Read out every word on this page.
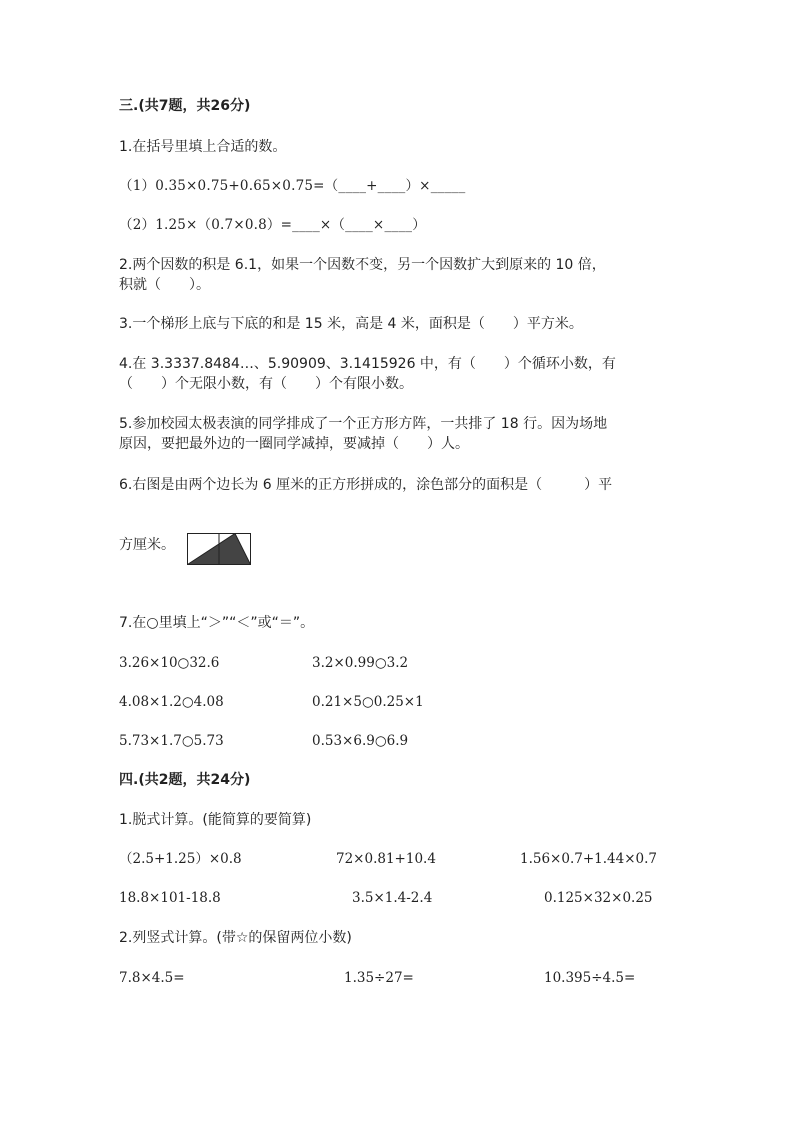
三.(共7题，共26分)
1.在括号里填上合适的数。
（1）0.35×0.75+0.65×0.75=（____+____）×_____
（2）1.25×（0.7×0.8）=____×（____×____）
2.两个因数的积是 6.1，如果一个因数不变，另一个因数扩大到原来的 10 倍，
积就（　　）。
3.一个梯形上底与下底的和是 15 米，高是 4 米，面积是（　　）平方米。
4.在 3.3337.8484…、5.90909、3.1415926 中，有（　　）个循环小数，有
（　　）个无限小数，有（　　）个有限小数。
5.参加校园太极表演的同学排成了一个正方形方阵，一共排了 18 行。因为场地
原因，要把最外边的一圈同学减掉，要减掉（　　）人。
6.右图是由两个边长为 6 厘米的正方形拼成的，涂色部分的面积是（　　　）平
方厘米。
7.在○里填上“＞”“＜”或“＝”。
3.26×10○32.6	3.2×0.99○3.2
4.08×1.2○4.08	0.21×5○0.25×1
5.73×1.7○5.73	0.53×6.9○6.9
四.(共2题，共24分)
1.脱式计算。(能简算的要简算)
（2.5+1.25）×0.8	72×0.81+10.4	1.56×0.7+1.44×0.7
18.8×101-18.8	3.5×1.4-2.4	0.125×32×0.25
2.列竖式计算。(带☆的保留两位小数)
7.8×4.5=	1.35÷27=	10.395÷4.5=
